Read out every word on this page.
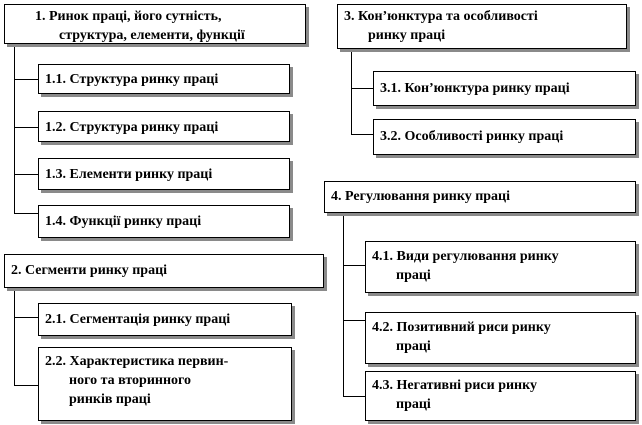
1. Ринок праці, його сутність,
структура, елементи, функції
1.1. Структура ринку праці
1.2. Структура ринку праці
1.3. Елементи ринку праці
1.4. Функції ринку праці
2. Сегменти ринку праці
2.1. Сегментація ринку праці
2.2. Характеристика первин-
ного та вторинного
ринків праці
3. Кон’юнктура та особливості
ринку праці
3.1. Кон’юнктура ринку праці
3.2. Особливості ринку праці
4. Регулювання ринку праці
4.1. Види регулювання ринку
праці
4.2. Позитивний риси ринку
праці
4.3. Негативні риси ринку
праці
